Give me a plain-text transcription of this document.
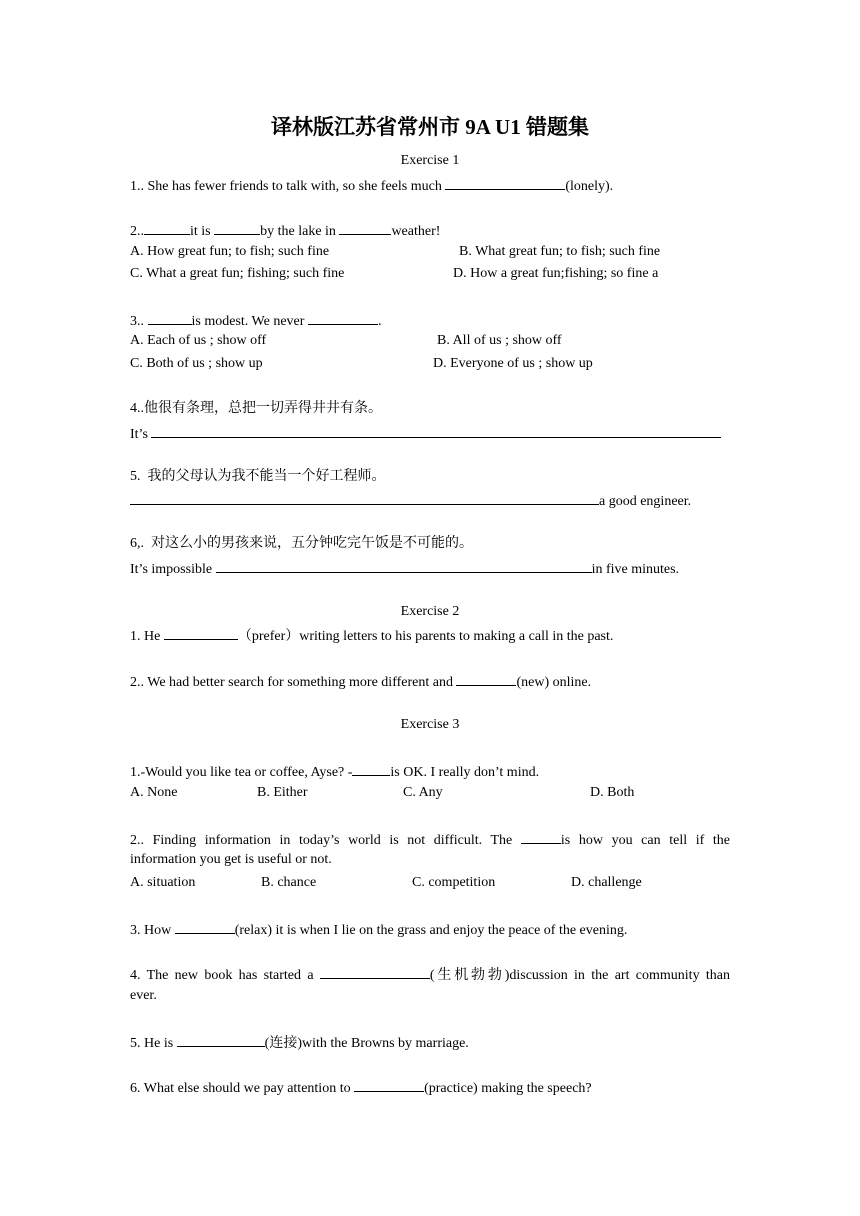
译林版江苏省常州市 9A U1 错题集
Exercise 1
1.. She has fewer friends to talk with, so she feels much	(lonely).
2..	it is	by the lake in	weather!
A. How great fun; to fish; such fine	B. What great fun; to fish; such fine
C. What a great fun; fishing; such fine	D. How a great fun;fishing; so fine a
3..	is modest. We never	.
A. Each of us ; show off	B. All of us ; show off
C. Both of us ; show up	D. Everyone of us ; show up
4..他很有条理，总把一切弄得井井有条。
It’s
5.  我的父母认为我不能当一个好工程师。
a good engineer.
6,.  对这么小的男孩来说，五分钟吃完午饭是不可能的。
It’s impossible	in five minutes.
Exercise 2
1. He	（prefer）writing letters to his parents to making a call in the past.
2.. We had better search for something more different and	(new) online.
Exercise 3
1.-Would you like tea or coffee, Ayse? -	is OK. I really don’t mind.
A. None	B. Either	C. Any	D. Both
2.. Finding information in today’s world is not difficult. The	is how you can tell if the
information you get is useful or not.
A. situation	B. chance	C. competition	D. challenge
3. How	(relax) it is when I lie on the grass and enjoy the peace of the evening.
4. The new book has started a	(生机勃勃)discussion in the art community than
ever.
5. He is	(连接)with the Browns by marriage.
6. What else should we pay attention to	(practice) making the speech?
